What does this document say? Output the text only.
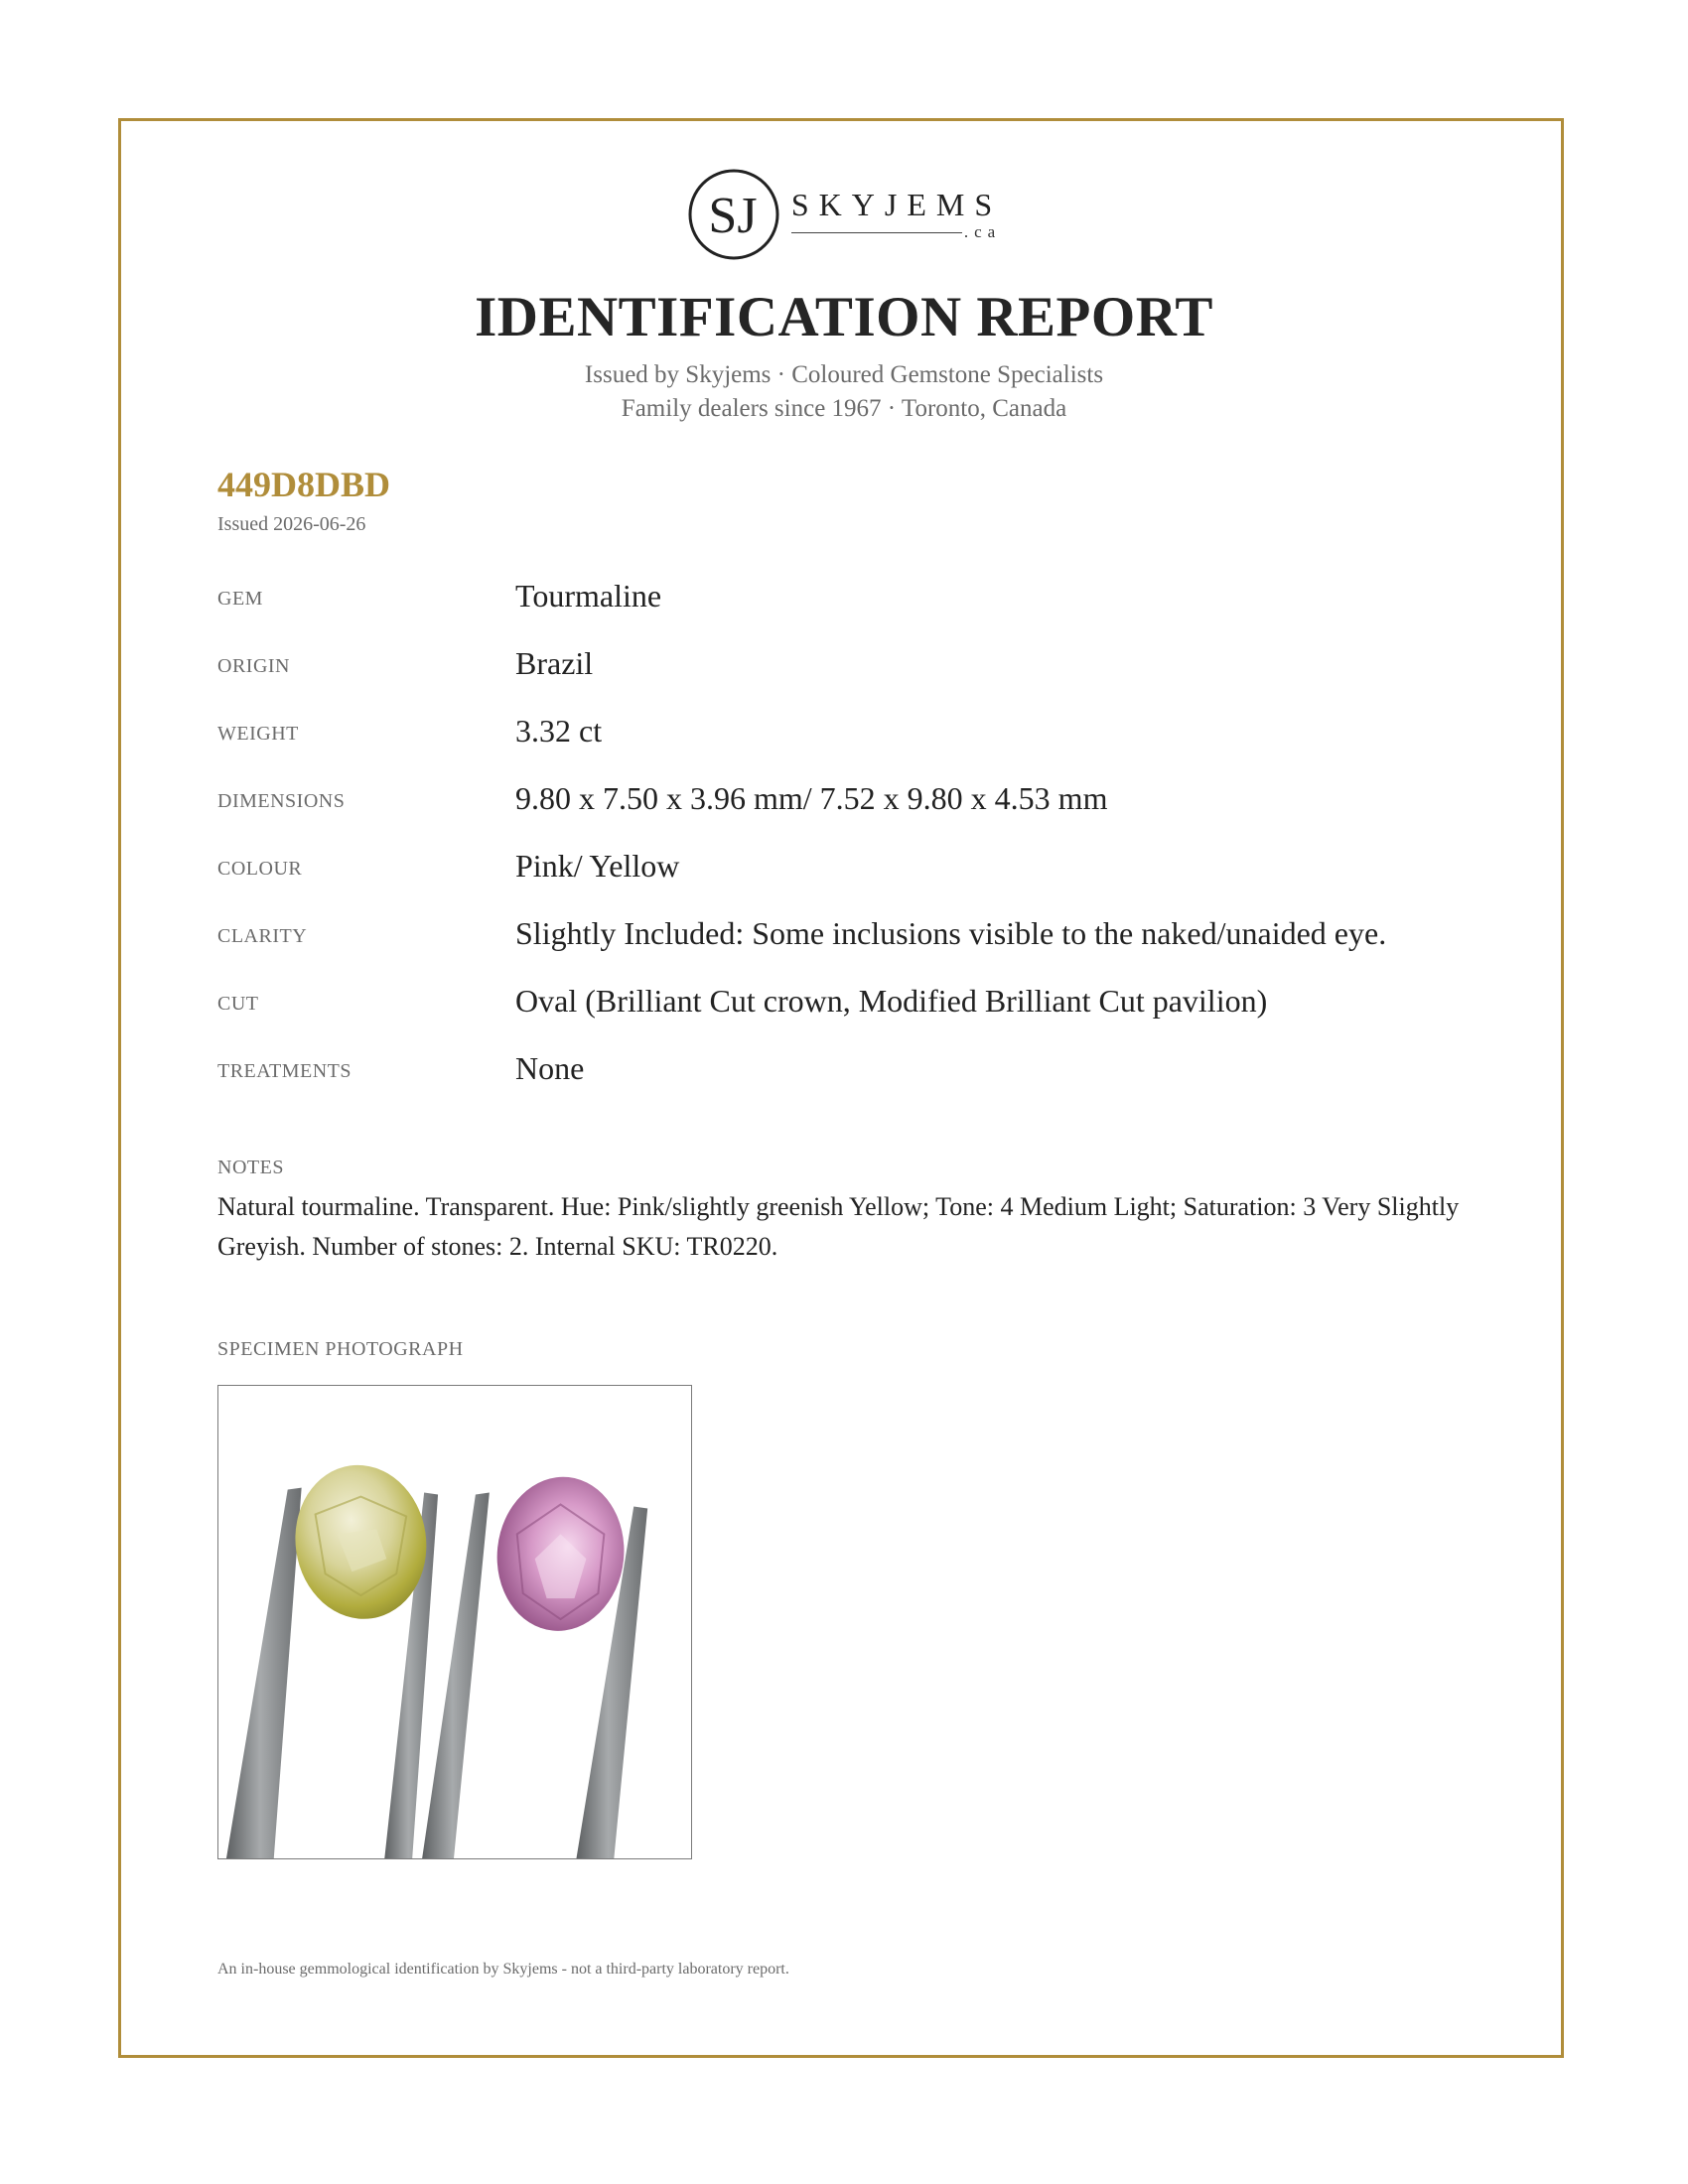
SJ SKYJEMS
.ca
IDENTIFICATION REPORT
Issued by Skyjems · Coloured Gemstone Specialists
Family dealers since 1967 · Toronto, Canada
449D8DBD
Issued 2026-06-26
GEM	Tourmaline
ORIGIN	Brazil
WEIGHT	3.32 ct
DIMENSIONS	9.80 x 7.50 x 3.96 mm/ 7.52 x 9.80 x 4.53 mm
COLOUR	Pink/ Yellow
CLARITY	Slightly Included: Some inclusions visible to the naked/unaided eye.
CUT	Oval (Brilliant Cut crown, Modified Brilliant Cut pavilion)
TREATMENTS	None
NOTES
Natural tourmaline. Transparent. Hue: Pink/slightly greenish Yellow; Tone: 4 Medium Light; Saturation: 3 Very Slightly Greyish. Number of stones: 2. Internal SKU: TR0220.
SPECIMEN PHOTOGRAPH
An in-house gemmological identification by Skyjems - not a third-party laboratory report.
